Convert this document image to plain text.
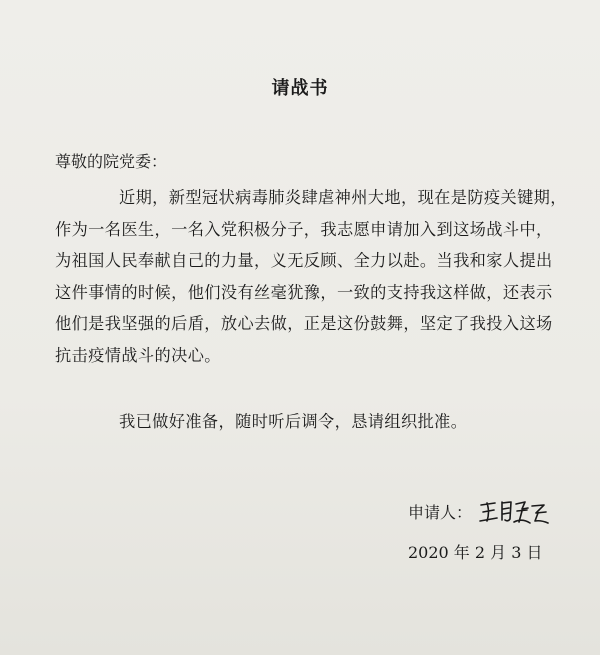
请战书
尊敬的院党委：
近期，新型冠状病毒肺炎肆虐神州大地，现在是防疫关键期，
作为一名医生，一名入党积极分子，我志愿申请加入到这场战斗中，
为祖国人民奉献自己的力量，义无反顾、全力以赴。当我和家人提出
这件事情的时候，他们没有丝毫犹豫，一致的支持我这样做，还表示
他们是我坚强的后盾，放心去做，正是这份鼓舞，坚定了我投入这场
抗击疫情战斗的决心。
我已做好准备，随时听后调令，恳请组织批准。
申请人：
2020 年 2 月 3 日
